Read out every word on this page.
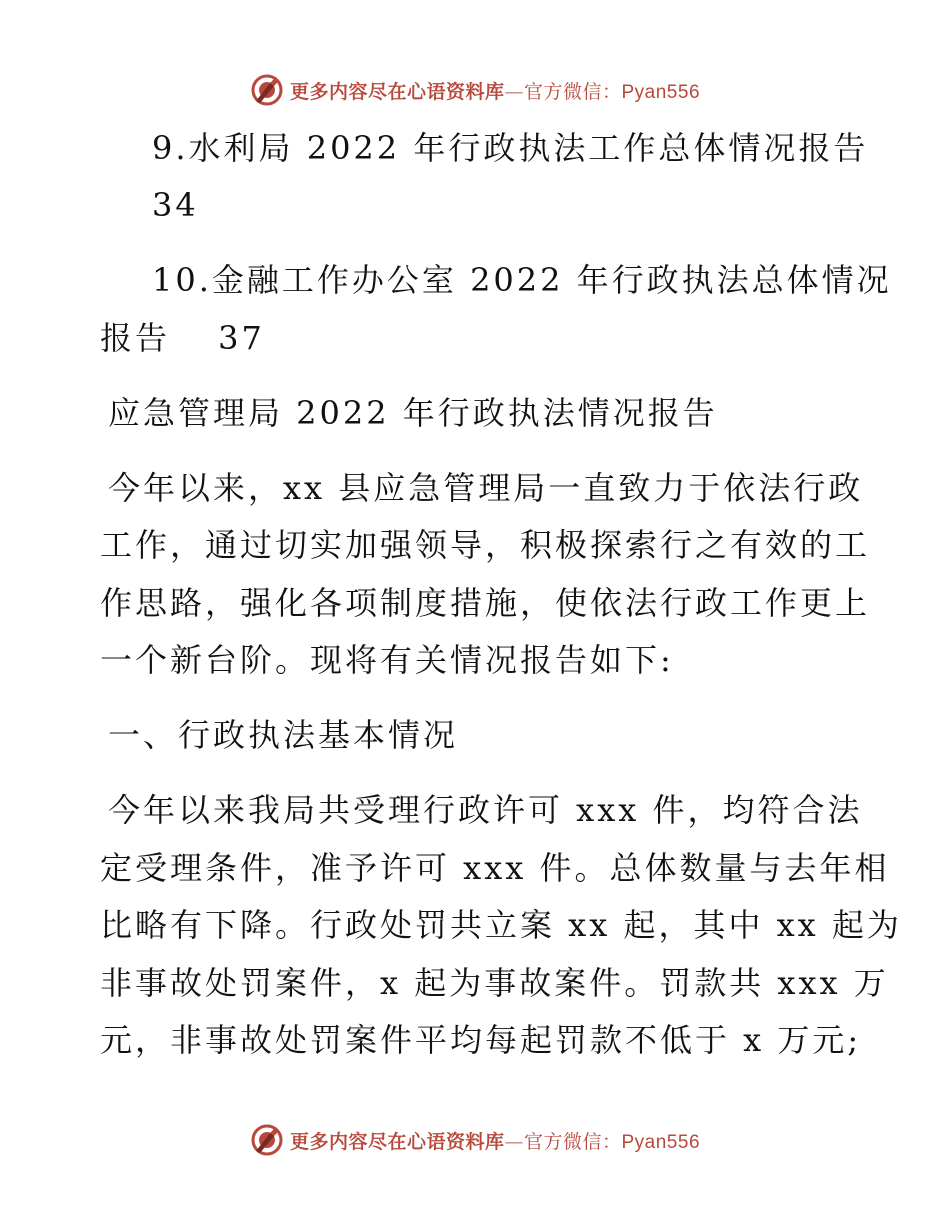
更多内容尽在心语资料库—官方微信：Pyan556
9.水利局 2022 年行政执法工作总体情况报告
34
10.金融工作办公室 2022 年行政执法总体情况
报告　 37
应急管理局 2022 年行政执法情况报告
今年以来，xx 县应急管理局一直致力于依法行政
工作，通过切实加强领导，积极探索行之有效的工
作思路，强化各项制度措施，使依法行政工作更上
一个新台阶。现将有关情况报告如下:
一、行政执法基本情况
今年以来我局共受理行政许可 xxx 件，均符合法
定受理条件，准予许可 xxx 件。总体数量与去年相
比略有下降。行政处罚共立案 xx 起，其中 xx 起为
非事故处罚案件，x 起为事故案件。罚款共 xxx 万
元，非事故处罚案件平均每起罚款不低于 x 万元;
更多内容尽在心语资料库—官方微信：Pyan556
